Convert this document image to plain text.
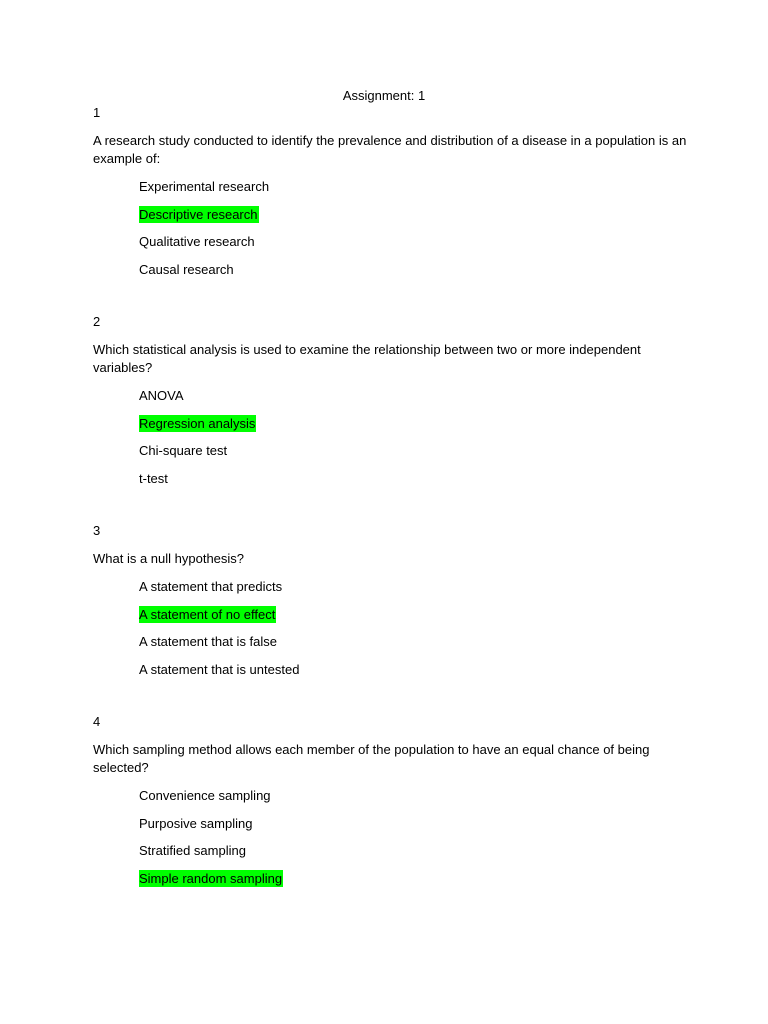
Assignment: 1

1

A research study conducted to identify the prevalence and distribution of a disease in a population is an example of:

Experimental research
Descriptive research
Qualitative research
Causal research

2

Which statistical analysis is used to examine the relationship between two or more independent variables?

ANOVA
Regression analysis
Chi-square test
t-test

3

What is a null hypothesis?

A statement that predicts
A statement of no effect
A statement that is false
A statement that is untested

4

Which sampling method allows each member of the population to have an equal chance of being selected?

Convenience sampling
Purposive sampling
Stratified sampling
Simple random sampling
